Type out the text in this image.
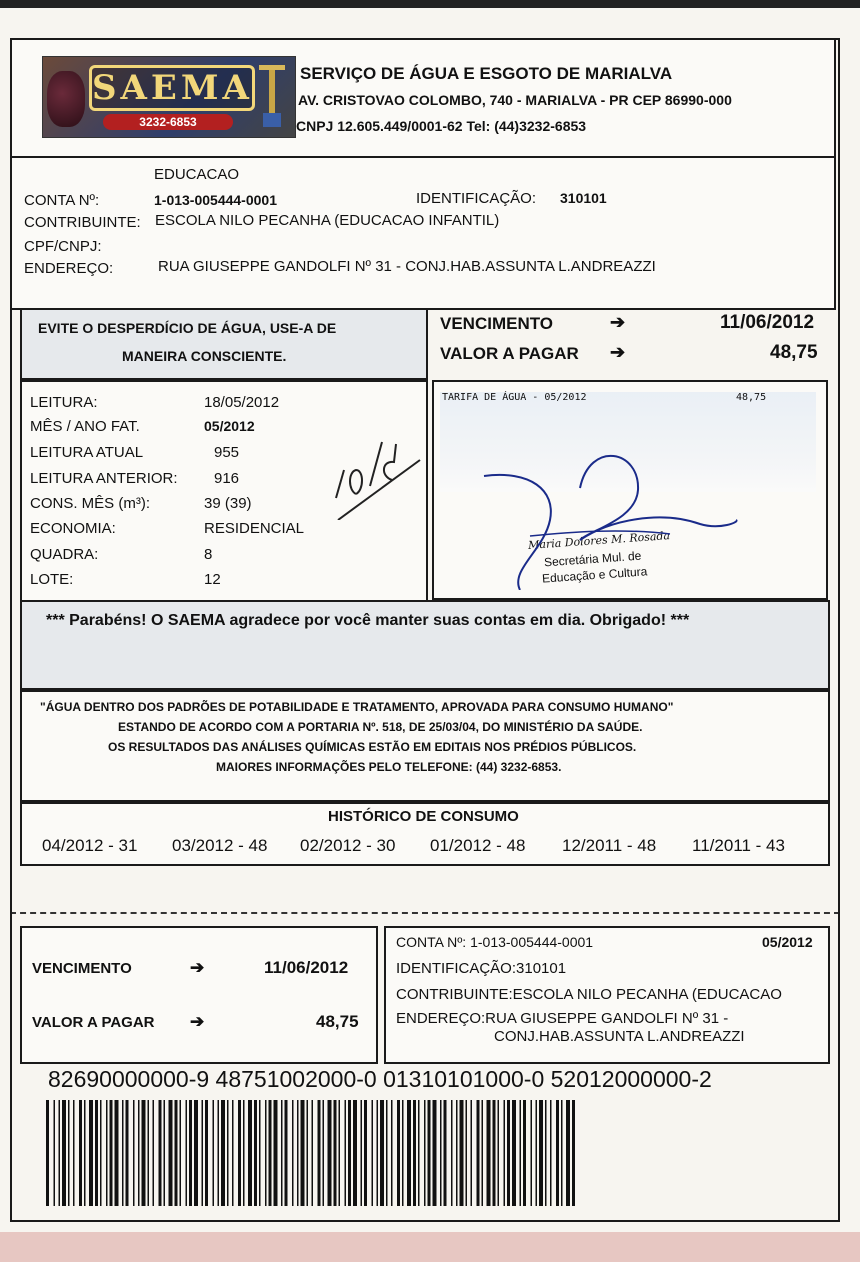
SAEMA
3232-6853
SERVIÇO DE ÁGUA E ESGOTO DE MARIALVA
AV. CRISTOVAO COLOMBO, 740 - MARIALVA - PR CEP 86990-000
CNPJ 12.605.449/0001-62 Tel: (44)3232-6853
EDUCACAO
CONTA Nº:	1-013-005444-0001	IDENTIFICAÇÃO: 310101
CONTRIBUINTE: ESCOLA NILO PECANHA (EDUCACAO INFANTIL)
CPF/CNPJ:
ENDEREÇO:	RUA GIUSEPPE GANDOLFI Nº 31 - CONJ.HAB.ASSUNTA L.ANDREAZZI
EVITE O DESPERDÍCIO DE ÁGUA, USE-A DE
MANEIRA CONSCIENTE.
VENCIMENTO	➔	11/06/2012
VALOR A PAGAR ➔	48,75
LEITURA:	18/05/2012
MÊS / ANO FAT.	05/2012
LEITURA ATUAL	955
LEITURA ANTERIOR: 916
CONS. MÊS (m³):	39 (39)
ECONOMIA:	RESIDENCIAL
QUADRA:	8
LOTE:	12
TARIFA DE ÁGUA - 05/2012	48,75
Maria Dolores M. Rosada
Secretária Mul. de
Educação e Cultura
*** Parabéns! O SAEMA agradece por você manter suas contas em dia. Obrigado! ***
"ÁGUA DENTRO DOS PADRÕES DE POTABILIDADE E TRATAMENTO, APROVADA PARA CONSUMO HUMANO"
ESTANDO DE ACORDO COM A PORTARIA Nº. 518, DE 25/03/04, DO MINISTÉRIO DA SAÚDE.
OS RESULTADOS DAS ANÁLISES QUÍMICAS ESTÃO EM EDITAIS NOS PRÉDIOS PÚBLICOS.
MAIORES INFORMAÇÕES PELO TELEFONE: (44) 3232-6853.
HISTÓRICO DE CONSUMO
04/2012 - 31 03/2012 - 48 02/2012 - 30 01/2012 - 48 12/2011 - 48 11/2011 - 43
VENCIMENTO	➔	11/06/2012
VALOR A PAGAR ➔	48,75
CONTA Nº: 1-013-005444-0001	05/2012
IDENTIFICAÇÃO:310101
CONTRIBUINTE:ESCOLA NILO PECANHA (EDUCACAO
ENDEREÇO:RUA GIUSEPPE GANDOLFI Nº 31 -
CONJ.HAB.ASSUNTA L.ANDREAZZI
82690000000-9 48751002000-0 01310101000-0 52012000000-2
